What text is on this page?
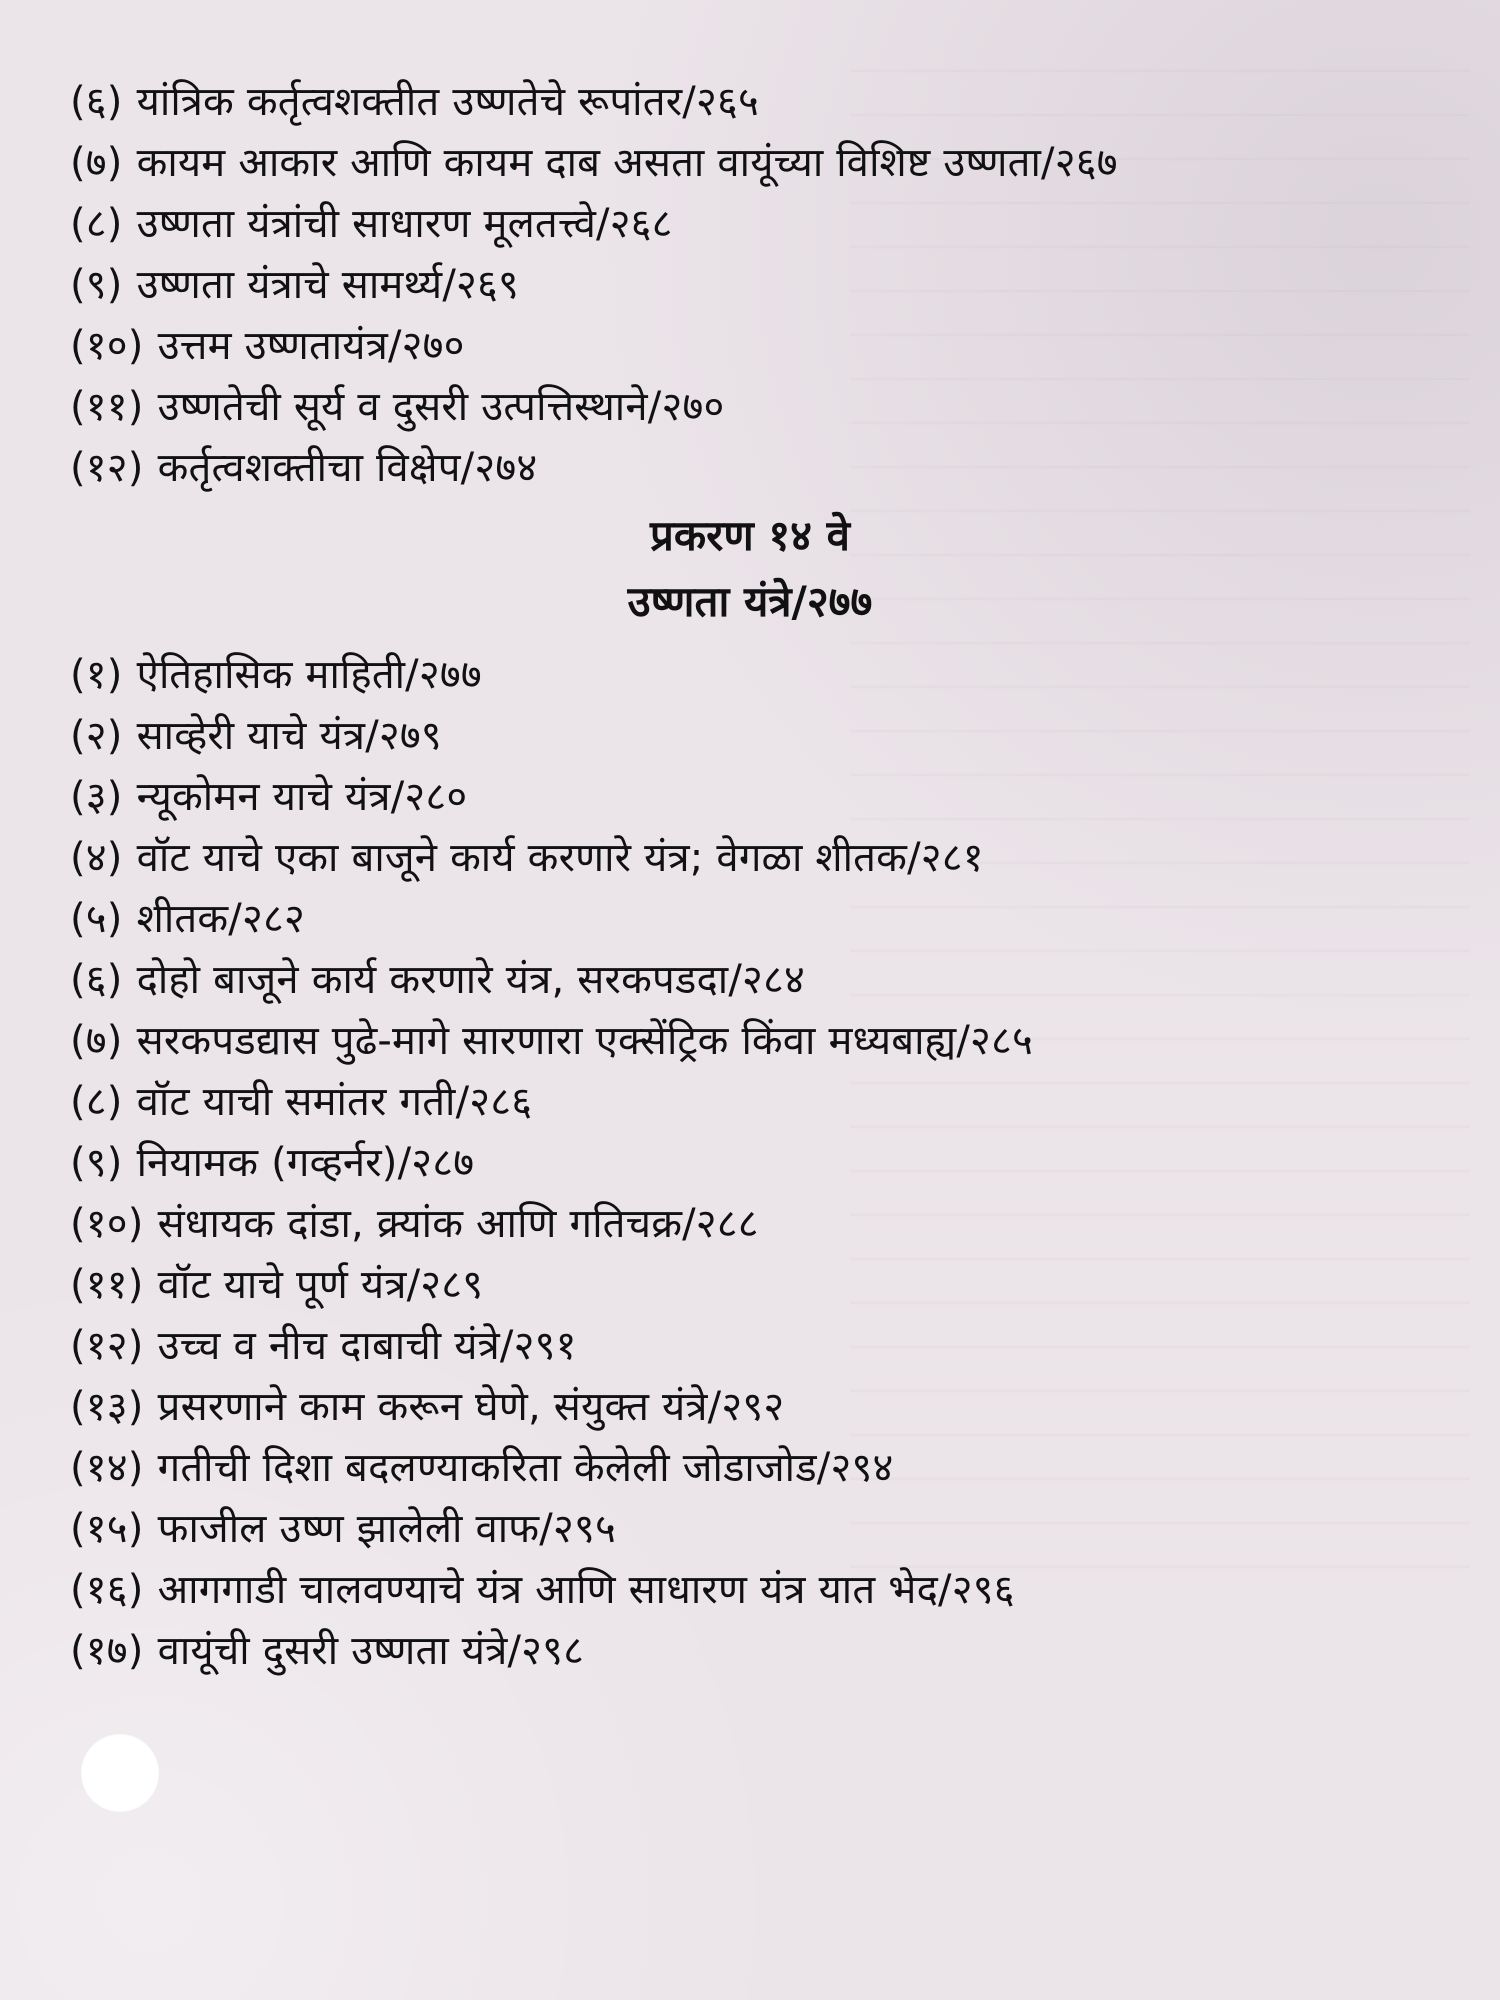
(६) यांत्रिक कर्तृत्वशक्तीत उष्णतेचे रूपांतर/ २६५
(७) कायम आकार आणि कायम दाब असता वायूंच्या विशिष्ट उष्णता/ २६७
(८) उष्णता यंत्रांची साधारण मूलतत्त्वे/ २६८
(९) उष्णता यंत्राचे सामर्थ्य/ २६९
(१०) उत्तम उष्णतायंत्र/ २७०
(११) उष्णतेची सूर्य व दुसरी उत्पत्तिस्थाने/ २७०
(१२) कर्तृत्वशक्तीचा विक्षेप/ २७४
प्रकरण १४ वे
उष्णता यंत्रे/२७७
(१) ऐतिहासिक माहिती/ २७७
(२) साव्हेरी याचे यंत्र/ २७९
(३) न्यूकोमन याचे यंत्र/ २८०
(४) वॉट याचे एका बाजूने कार्य करणारे यंत्र; वेगळा शीतक/ २८१
(५) शीतक/ २८२
(६) दोहो बाजूने कार्य करणारे यंत्र, सरकपडदा/ २८४
(७) सरकपडद्यास पुढे-मागे सारणारा एक्सेंट्रिक किंवा मध्यबाह्य/ २८५
(८) वॉट याची समांतर गती/ २८६
(९) नियामक (गव्हर्नर)/ २८७
(१०) संधायक दांडा, क्र्यांक आणि गतिचक्र/ २८८
(११) वॉट याचे पूर्ण यंत्र/ २८९
(१२) उच्च व नीच दाबाची यंत्रे/ २९१
(१३) प्रसरणाने काम करून घेणे, संयुक्त यंत्रे/ २९२
(१४) गतीची दिशा बदलण्याकरिता केलेली जोडाजोड/ २९४
(१५) फाजील उष्ण झालेली वाफ/ २९५
(१६) आगगाडी चालवण्याचे यंत्र आणि साधारण यंत्र यात भेद/ २९६
(१७) वायूंची दुसरी उष्णता यंत्रे/ २९८
